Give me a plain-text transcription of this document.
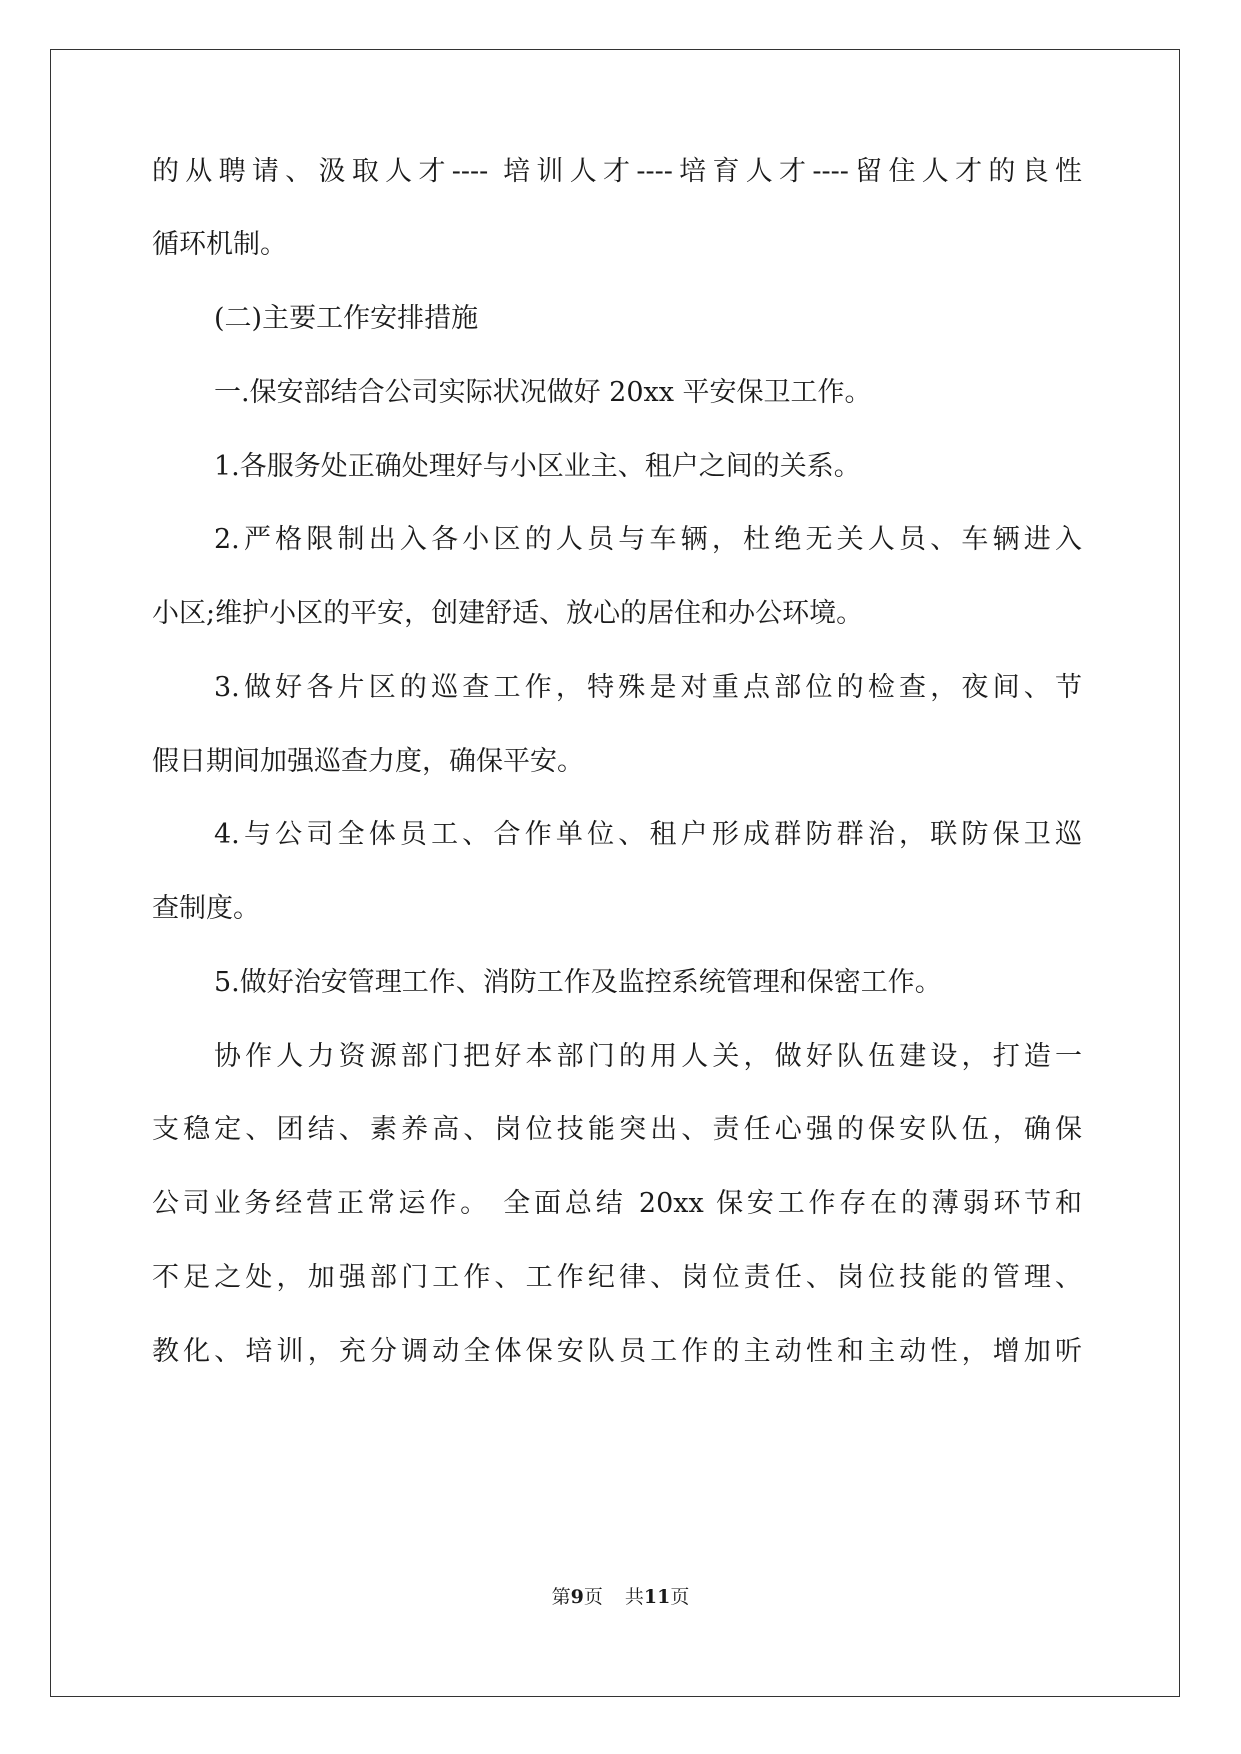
的从聘请、汲取人才---- 培训人才----培育人才----留住人才的良性
循环机制。
(二)主要工作安排措施
一.保安部结合公司实际状况做好 20xx 平安保卫工作。
1.各服务处正确处理好与小区业主、租户之间的关系。
2.严格限制出入各小区的人员与车辆，杜绝无关人员、车辆进入
小区;维护小区的平安，创建舒适、放心的居住和办公环境。
3.做好各片区的巡查工作，特殊是对重点部位的检查，夜间、节
假日期间加强巡查力度，确保平安。
4.与公司全体员工、合作单位、租户形成群防群治，联防保卫巡
查制度。
5.做好治安管理工作、消防工作及监控系统管理和保密工作。
协作人力资源部门把好本部门的用人关，做好队伍建设，打造一
支稳定、团结、素养高、岗位技能突出、责任心强的保安队伍，确保
公司业务经营正常运作。 全面总结 20xx 保安工作存在的薄弱环节和
不足之处，加强部门工作、工作纪律、岗位责任、岗位技能的管理、
教化、培训，充分调动全体保安队员工作的主动性和主动性，增加听
第9页 共11页
